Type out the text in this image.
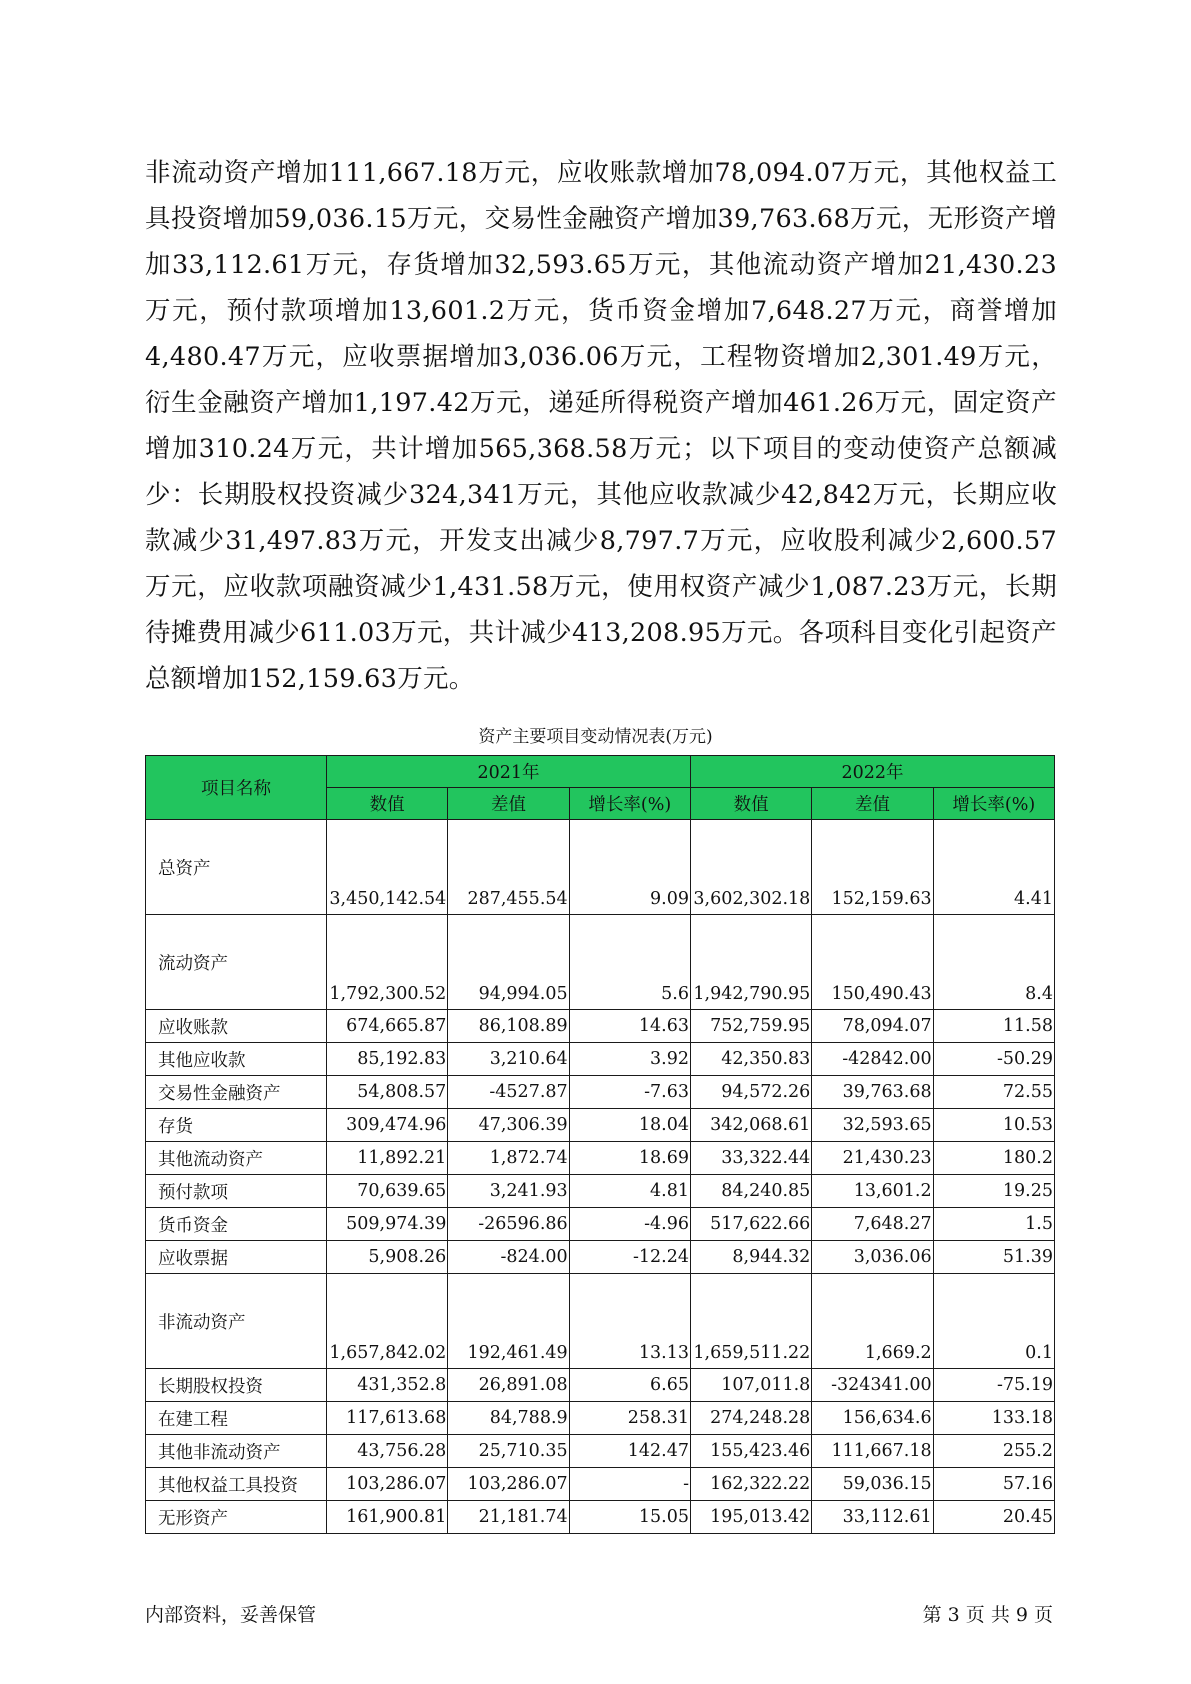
非流动资产增加111,667.18万元，应收账款增加78,094.07万元，其他权益工具投资增加59,036.15万元，交易性金融资产增加39,763.68万元，无形资产增加33,112.61万元，存货增加32,593.65万元，其他流动资产增加21,430.23万元，预付款项增加13,601.2万元，货币资金增加7,648.27万元，商誉增加4,480.47万元，应收票据增加3,036.06万元，工程物资增加2,301.49万元，衍生金融资产增加1,197.42万元，递延所得税资产增加461.26万元，固定资产增加310.24万元，共计增加565,368.58万元；以下项目的变动使资产总额减少：长期股权投资减少324,341万元，其他应收款减少42,842万元，长期应收款减少31,497.83万元，开发支出减少8,797.7万元，应收股利减少2,600.57万元，应收款项融资减少1,431.58万元，使用权资产减少1,087.23万元，长期待摊费用减少611.03万元，共计减少413,208.95万元。各项科目变化引起资产总额增加152,159.63万元。

资产主要项目变动情况表(万元)
项目名称	2021年			2022年		
	数值	差值	增长率(%)	数值	差值	增长率(%)
总资产	3,450,142.54	287,455.54	9.09	3,602,302.18	152,159.63	4.41
流动资产	1,792,300.52	94,994.05	5.6	1,942,790.95	150,490.43	8.4
应收账款	674,665.87	86,108.89	14.63	752,759.95	78,094.07	11.58
其他应收款	85,192.83	3,210.64	3.92	42,350.83	-42842.00	-50.29
交易性金融资产	54,808.57	-4527.87	-7.63	94,572.26	39,763.68	72.55
存货	309,474.96	47,306.39	18.04	342,068.61	32,593.65	10.53
其他流动资产	11,892.21	1,872.74	18.69	33,322.44	21,430.23	180.2
预付款项	70,639.65	3,241.93	4.81	84,240.85	13,601.2	19.25
货币资金	509,974.39	-26596.86	-4.96	517,622.66	7,648.27	1.5
应收票据	5,908.26	-824.00	-12.24	8,944.32	3,036.06	51.39
非流动资产	1,657,842.02	192,461.49	13.13	1,659,511.22	1,669.2	0.1
长期股权投资	431,352.8	26,891.08	6.65	107,011.8	-324341.00	-75.19
在建工程	117,613.68	84,788.9	258.31	274,248.28	156,634.6	133.18
其他非流动资产	43,756.28	25,710.35	142.47	155,423.46	111,667.18	255.2
其他权益工具投资	103,286.07	103,286.07	-	162,322.22	59,036.15	57.16
无形资产	161,900.81	21,181.74	15.05	195,013.42	33,112.61	20.45
内部资料，妥善保管	第 3 页 共 9 页
